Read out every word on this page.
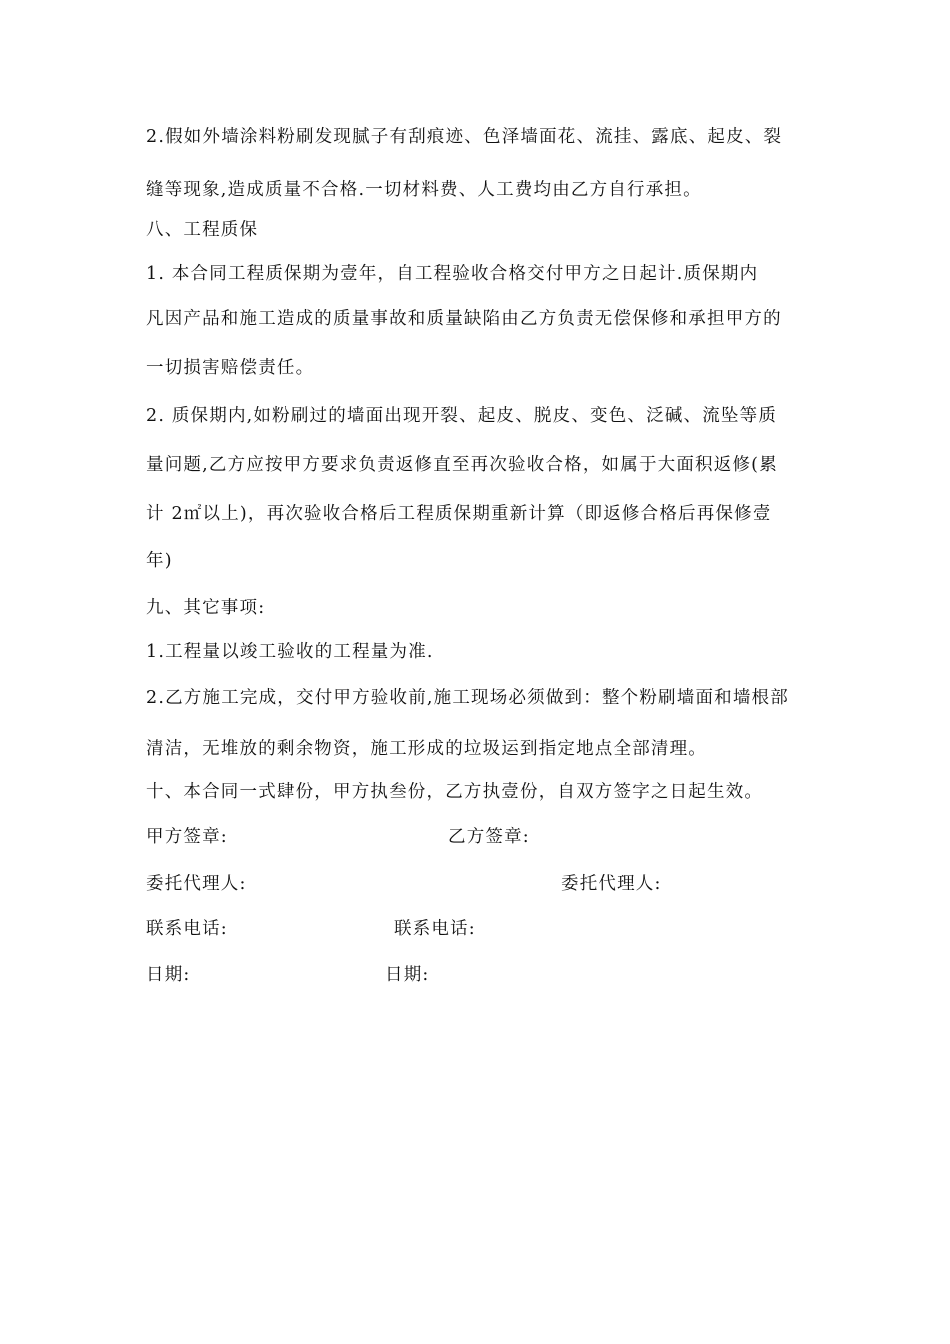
2.假如外墙涂料粉刷发现腻子有刮痕迹、色泽墙面花、流挂、露底、起皮、裂
缝等现象,造成质量不合格.一切材料费、人工费均由乙方自行承担。
八、工程质保
1. 本合同工程质保期为壹年，自工程验收合格交付甲方之日起计.质保期内
凡因产品和施工造成的质量事故和质量缺陷由乙方负责无偿保修和承担甲方的
一切损害赔偿责任。
2. 质保期内,如粉刷过的墙面出现开裂、起皮、脱皮、变色、泛碱、流坠等质
量问题,乙方应按甲方要求负责返修直至再次验收合格，如属于大面积返修(累
计 2㎡以上)，再次验收合格后工程质保期重新计算（即返修合格后再保修壹
年)
九、其它事项:
1.工程量以竣工验收的工程量为准.
2.乙方施工完成，交付甲方验收前,施工现场必须做到：整个粉刷墙面和墙根部
清洁，无堆放的剩余物资，施工形成的垃圾运到指定地点全部清理。
十、本合同一式肆份，甲方执叁份，乙方执壹份，自双方签字之日起生效。
甲方签章:	乙方签章:
委托代理人:	委托代理人:
联系电话:	联系电话:
日期:	日期:
